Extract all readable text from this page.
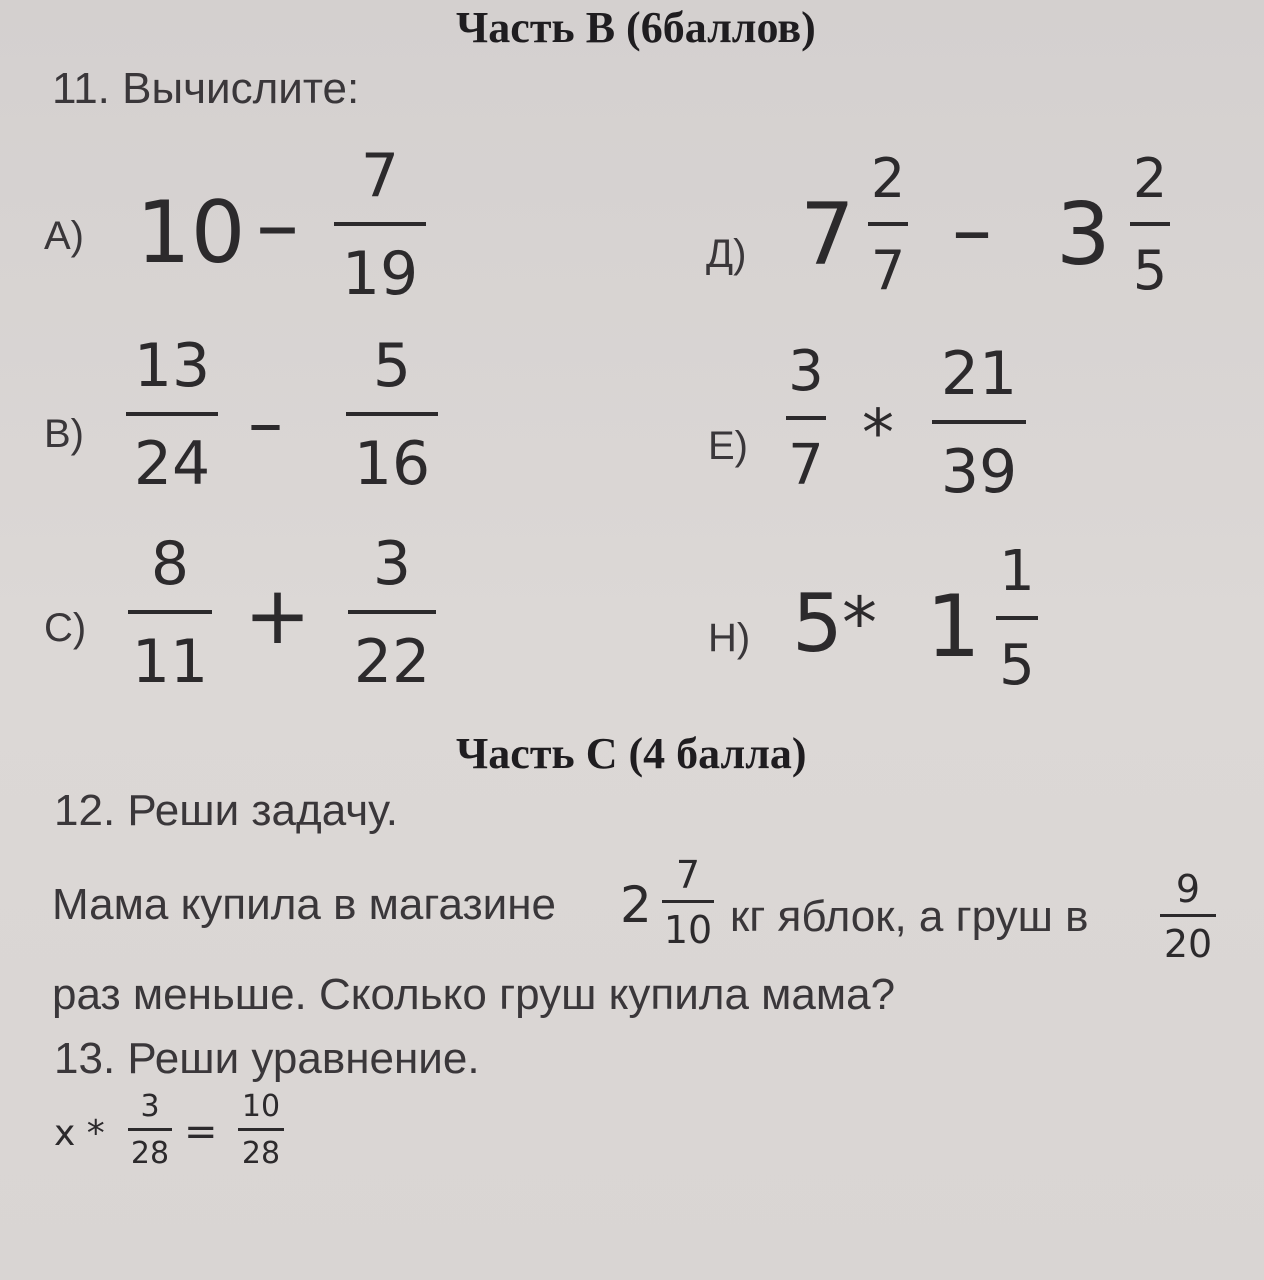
Часть В (6баллов)
11. Вычислите:
А) 10 – 7
19	Д) 7
2
7 – 3
2
5
В)
13
24 –
5
16	Е)
3
7 *
21
39
С)
8
11 +
3
22	Н) 5 * 1
1
5
Часть С (4 балла)
12. Реши задачу.
Мама купила в магазине 2
7
10 кг яблок, а груш в
9
20
раз меньше. Сколько груш купила мама?
13. Реши уравнение.
x *
3
28 =
10
28
